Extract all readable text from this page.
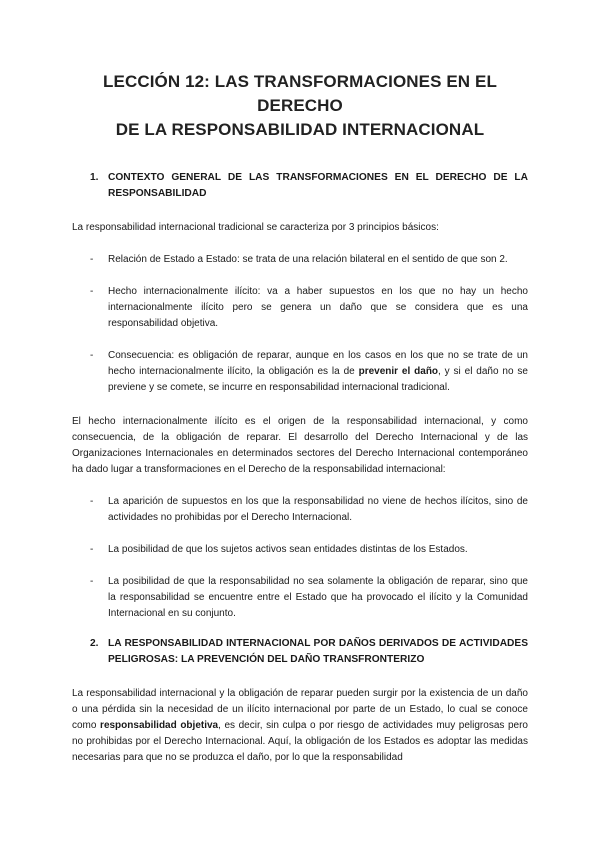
LECCIÓN 12: LAS TRANSFORMACIONES EN EL DERECHO
DE LA RESPONSABILIDAD INTERNACIONAL
1. CONTEXTO GENERAL DE LAS TRANSFORMACIONES EN EL DERECHO DE LA RESPONSABILIDAD

La responsabilidad internacional tradicional se caracteriza por 3 principios básicos:

-	Relación de Estado a Estado: se trata de una relación bilateral en el sentido de que son 2.
-	Hecho internacionalmente ilícito: va a haber supuestos en los que no hay un hecho internacionalmente ilícito pero se genera un daño que se considera que es una responsabilidad objetiva.
-	Consecuencia: es obligación de reparar, aunque en los casos en los que no se trate de un hecho internacionalmente ilícito, la obligación es la de prevenir el daño, y si el daño no se previene y se comete, se incurre en responsabilidad internacional tradicional.

El hecho internacionalmente ilícito es el origen de la responsabilidad internacional, y como consecuencia, de la obligación de reparar. El desarrollo del Derecho Internacional y de las Organizaciones Internacionales en determinados sectores del Derecho Internacional contemporáneo ha dado lugar a transformaciones en el Derecho de la responsabilidad internacional:

-	La aparición de supuestos en los que la responsabilidad no viene de hechos ilícitos, sino de actividades no prohibidas por el Derecho Internacional.
-	La posibilidad de que los sujetos activos sean entidades distintas de los Estados.
-	La posibilidad de que la responsabilidad no sea solamente la obligación de reparar, sino que la responsabilidad se encuentre entre el Estado que ha provocado el ilícito y la Comunidad Internacional en su conjunto.
2. LA RESPONSABILIDAD INTERNACIONAL POR DAÑOS DERIVADOS DE ACTIVIDADES PELIGROSAS: LA PREVENCIÓN DEL DAÑO TRANSFRONTERIZO

La responsabilidad internacional y la obligación de reparar pueden surgir por la existencia de un daño o una pérdida sin la necesidad de un ilícito internacional por parte de un Estado, lo cual se conoce como responsabilidad objetiva, es decir, sin culpa o por riesgo de actividades muy peligrosas pero no prohibidas por el Derecho Internacional. Aquí, la obligación de los Estados es adoptar las medidas necesarias para que no se produzca el daño, por lo que la responsabilidad
